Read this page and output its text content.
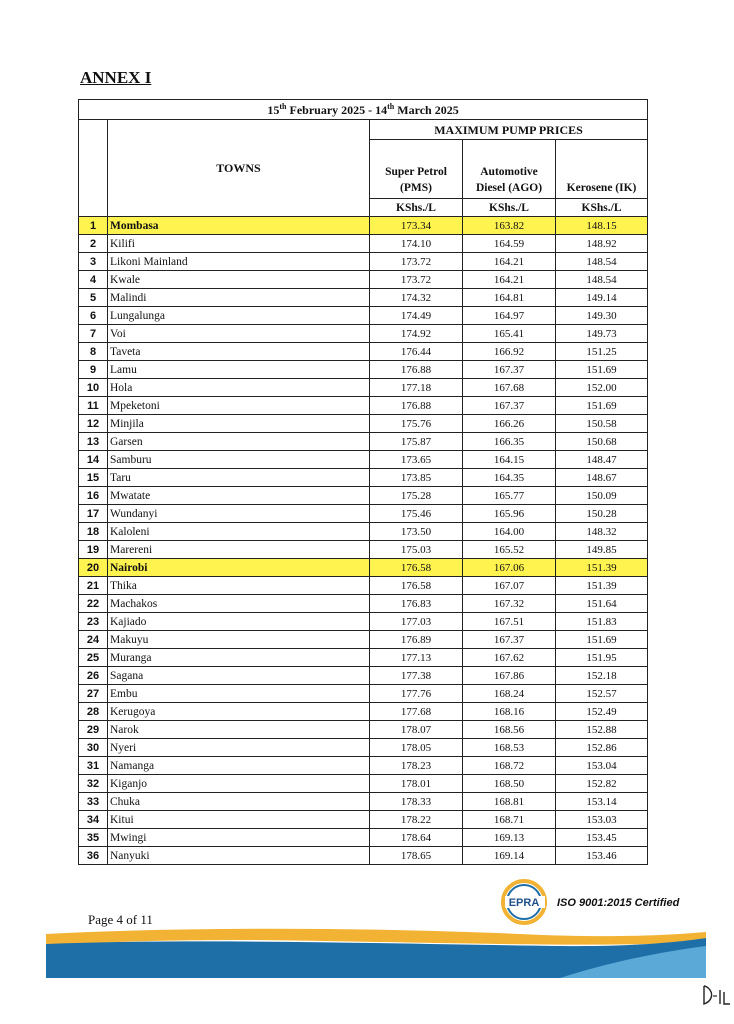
ANNEX I
15th February 2025 - 14th March 2025				
	TOWNS	MAXIMUM PUMP PRICES		
		Super Petrol (PMS)	Automotive Diesel (AGO)	Kerosene (IK)
		KShs./L	KShs./L	KShs./L
1	Mombasa	173.34	163.82	148.15
2	Kilifi	174.10	164.59	148.92
3	Likoni Mainland	173.72	164.21	148.54
4	Kwale	173.72	164.21	148.54
5	Malindi	174.32	164.81	149.14
6	Lungalunga	174.49	164.97	149.30
7	Voi	174.92	165.41	149.73
8	Taveta	176.44	166.92	151.25
9	Lamu	176.88	167.37	151.69
10	Hola	177.18	167.68	152.00
11	Mpeketoni	176.88	167.37	151.69
12	Minjila	175.76	166.26	150.58
13	Garsen	175.87	166.35	150.68
14	Samburu	173.65	164.15	148.47
15	Taru	173.85	164.35	148.67
16	Mwatate	175.28	165.77	150.09
17	Wundanyi	175.46	165.96	150.28
18	Kaloleni	173.50	164.00	148.32
19	Marereni	175.03	165.52	149.85
20	Nairobi	176.58	167.06	151.39
21	Thika	176.58	167.07	151.39
22	Machakos	176.83	167.32	151.64
23	Kajiado	177.03	167.51	151.83
24	Makuyu	176.89	167.37	151.69
25	Muranga	177.13	167.62	151.95
26	Sagana	177.38	167.86	152.18
27	Embu	177.76	168.24	152.57
28	Kerugoya	177.68	168.16	152.49
29	Narok	178.07	168.56	152.88
30	Nyeri	178.05	168.53	152.86
31	Namanga	178.23	168.72	153.04
32	Kiganjo	178.01	168.50	152.82
33	Chuka	178.33	168.81	153.14
34	Kitui	178.22	168.71	153.03
35	Mwingi	178.64	169.13	153.45
36	Nanyuki	178.65	169.14	153.46
Page 4 of 11
EPRA ISO 9001:2015 Certified
